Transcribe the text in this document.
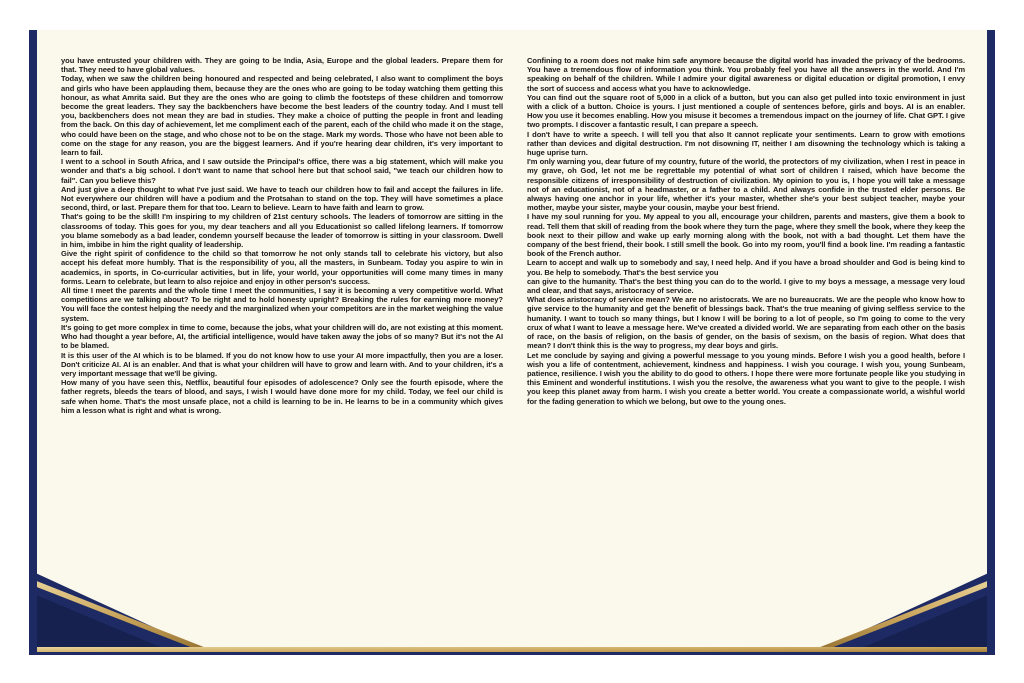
you have entrusted your children with. They are going to be India, Asia, Europe and the global leaders. Prepare them for that. They need to have global values.

Today, when we saw the children being honoured and respected and being celebrated, I also want to compliment the boys and girls who have been applauding them, because they are the ones who are going to be today watching them getting this honour, as what Amrita said. But they are the ones who are going to climb the footsteps of these children and tomorrow become the great leaders. They say the backbenchers have become the best leaders of the country today. And I must tell you, backbenchers does not mean they are bad in studies. They make a choice of putting the people in front and leading from the back. On this day of achievement, let me compliment each of the parent, each of the child who made it on the stage, who could have been on the stage, and who chose not to be on the stage. Mark my words. Those who have not been able to come on the stage for any reason, you are the biggest learners. And if you're hearing dear children, it's very important to learn to fail.

I went to a school in South Africa, and I saw outside the Principal's office, there was a big statement, which will make you wonder and that's a big school. I don't want to name that school here but that school said, "we teach our children how to fail". Can you believe this?

And just give a deep thought to what I've just said. We have to teach our children how to fail and accept the failures in life. Not everywhere our children will have a podium and the Protsahan to stand on the top. They will have sometimes a place second, third, or last. Prepare them for that too. Learn to believe. Learn to have faith and learn to grow.

That's going to be the skill! I'm inspiring to my children of 21st century schools. The leaders of tomorrow are sitting in the classrooms of today. This goes for you, my dear teachers and all you Educationist so called lifelong learners. If tomorrow you blame somebody as a bad leader, condemn yourself because the leader of tomorrow is sitting in your classroom. Dwell in him, imbibe in him the right quality of leadership.

Give the right spirit of confidence to the child so that tomorrow he not only stands tall to celebrate his victory, but also accept his defeat more humbly. That is the responsibility of you, all the masters, in Sunbeam. Today you aspire to win in academics, in sports, in Co-curricular activities, but in life, your world, your opportunities will come many times in many forms. Learn to celebrate, but learn to also rejoice and enjoy in other person's success.

All time I meet the parents and the whole time I meet the communities, I say it is becoming a very competitive world. What competitions are we talking about? To be right and to hold honesty upright? Breaking the rules for earning more money? You will face the contest helping the needy and the marginalized when your competitors are in the market weighing the value system.

It's going to get more complex in time to come, because the jobs, what your children will do, are not existing at this moment. Who had thought a year before, AI, the artificial intelligence, would have taken away the jobs of so many? But it's not the AI to be blamed.

It is this user of the AI which is to be blamed. If you do not know how to use your AI more impactfully, then you are a loser. Don't criticize AI. AI is an enabler. And that is what your children will have to grow and learn with. And to your children, it's a very important message that we'll be giving.

How many of you have seen this, Netflix, beautiful four episodes of adolescence? Only see the fourth episode, where the father regrets, bleeds the tears of blood, and says, I wish I would have done more for my child. Today, we feel our child is safe when home. That's the most unsafe place, not a child is learning to be in. He learns to be in a community which gives him a lesson what is right and what is wrong.

Confining to a room does not make him safe anymore because the digital world has invaded the privacy of the bedrooms. You have a tremendous flow of information you think. You probably feel you have all the answers in the world. And I'm speaking on behalf of the children. While I admire your digital awareness or digital education or digital promotion, I envy the sort of success and access what you have to acknowledge.

You can find out the square root of 5,000 in a click of a button, but you can also get pulled into toxic environment in just with a click of a button. Choice is yours. I just mentioned a couple of sentences before, girls and boys. AI is an enabler. How you use it becomes enabling. How you misuse it becomes a tremendous impact on the journey of life. Chat GPT. I give two prompts. I discover a fantastic result, I can prepare a speech.

I don't have to write a speech. I will tell you that also It cannot replicate your sentiments. Learn to grow with emotions rather than devices and digital destruction. I'm not disowning IT, neither I am disowning the technology which is taking a huge uprise turn.

I'm only warning you, dear future of my country, future of the world, the protectors of my civilization, when I rest in peace in my grave, oh God, let not me be regrettable my potential of what sort of children I raised, which have become the responsible citizens of irresponsibility of destruction of civilization. My opinion to you is, I hope you will take a message not of an educationist, not of a headmaster, or a father to a child. And always confide in the trusted elder persons. Be always having one anchor in your life, whether it's your master, whether she's your best subject teacher, maybe your mother, maybe your sister, maybe your cousin, maybe your best friend.

I have my soul running for you. My appeal to you all, encourage your children, parents and masters, give them a book to read. Tell them that skill of reading from the book where they turn the page, where they smell the book, where they keep the book next to their pillow and wake up early morning along with the book, not with a bad thought. Let them have the company of the best friend, their book. I still smell the book. Go into my room, you'll find a book line. I'm reading a fantastic book of the French author.

Learn to accept and walk up to somebody and say, I need help. And if you have a broad shoulder and God is being kind to you. Be help to somebody. That's the best service you

can give to the humanity. That's the best thing you can do to the world. I give to my boys a message, a message very loud and clear, and that says, aristocracy of service.

What does aristocracy of service mean? We are no aristocrats. We are no bureaucrats. We are the people who know how to give service to the humanity and get the benefit of blessings back. That's the true meaning of giving selfless service to the humanity. I want to touch so many things, but I know I will be boring to a lot of people, so I'm going to come to the very crux of what I want to leave a message here. We've created a divided world. We are separating from each other on the basis of race, on the basis of religion, on the basis of gender, on the basis of sexism, on the basis of region. What does that mean? I don't think this is the way to progress, my dear boys and girls.

Let me conclude by saying and giving a powerful message to you young minds. Before I wish you a good health, before I wish you a life of contentment, achievement, kindness and happiness. I wish you courage. I wish you, young Sunbeam, patience, resilience. I wish you the ability to do good to others. I hope there were more fortunate people like you studying in this Eminent and wonderful institutions. I wish you the resolve, the awareness what you want to give to the people. I wish you keep this planet away from harm. I wish you create a better world. You create a compassionate world, a wishful world for the fading generation to which we belong, but owe to the young ones.
